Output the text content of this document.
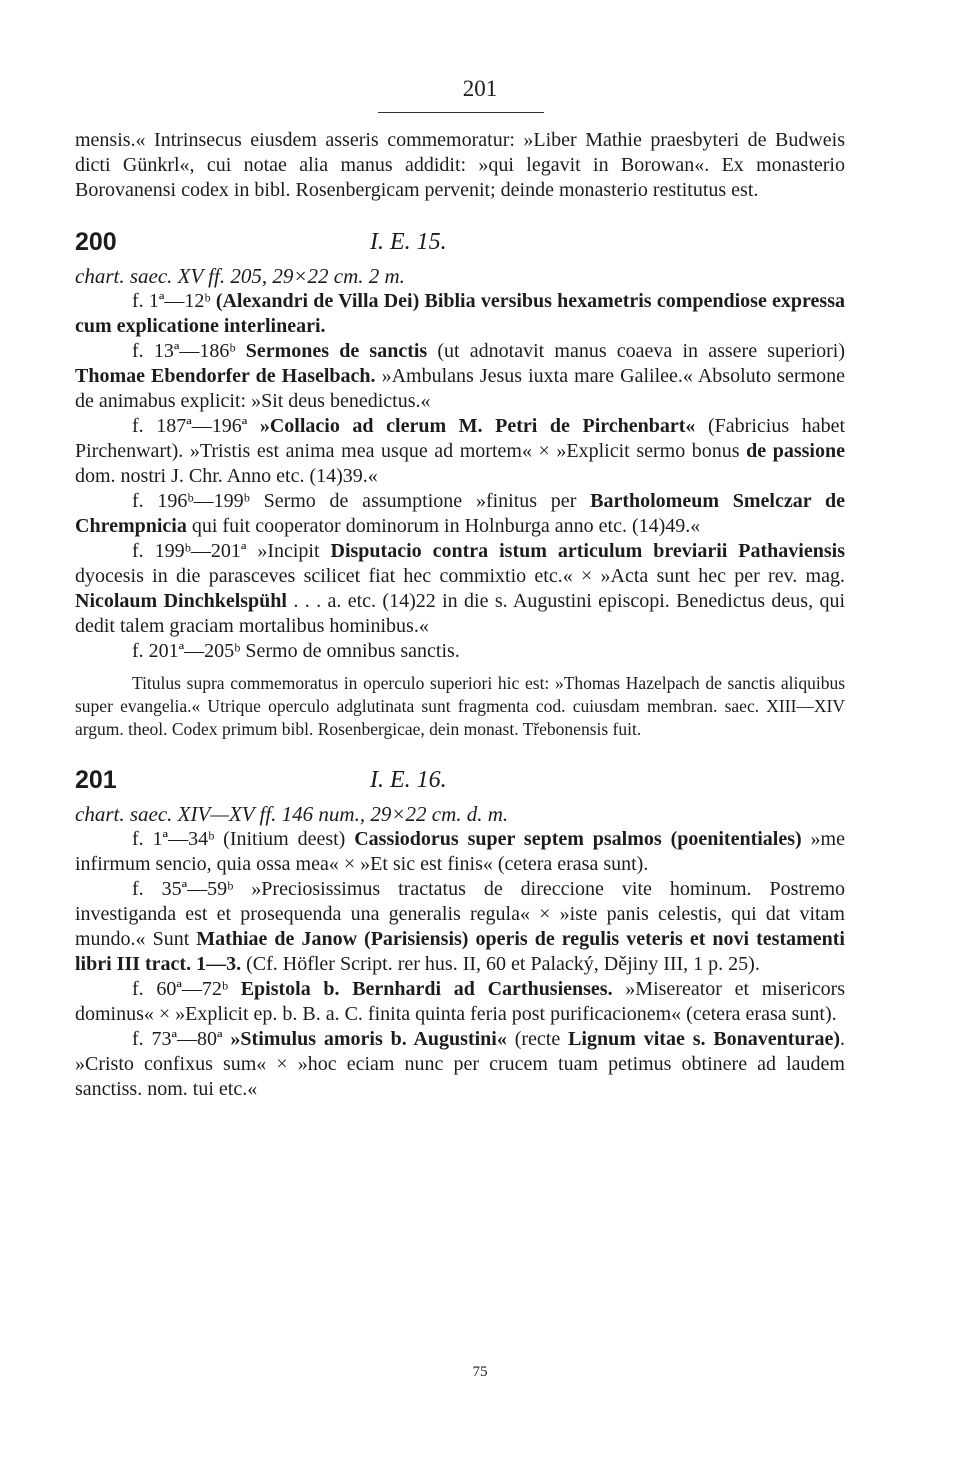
201

mensis.« Intrinsecus eiusdem asseris commemoratur: »Liber Mathie praesbyteri de Budweis dicti Günkrl«, cui notae alia manus addidit: »qui legavit in Borowan«. Ex monasterio Borovanensi codex in bibl. Rosenbergicam pervenit; deinde monasterio restitutus est.

200	I. E. 15.

chart. saec. XV ff. 205, 29×22 cm. 2 m.

f. 1ª—12ᵇ (Alexandri de Villa Dei) Biblia versibus hexametris compendiose expressa cum explicatione interlineari.

f. 13ª—186ᵇ Sermones de sanctis (ut adnotavit manus coaeva in assere superiori) Thomae Ebendorfer de Haselbach. »Ambulans Jesus iuxta mare Galilee.« Absoluto sermone de animabus explicit: »Sit deus benedictus.«

f. 187ª—196ª »Collacio ad clerum M. Petri de Pirchenbart« (Fabricius habet Pirchenwart). »Tristis est anima mea usque ad mortem« × »Explicit sermo bonus de passione dom. nostri J. Chr. Anno etc. (14)39.«

f. 196ᵇ—199ᵇ Sermo de assumptione »finitus per Bartholomeum Smelczar de Chrempnicia qui fuit cooperator dominorum in Holnburga anno etc. (14)49.«

f. 199ᵇ—201ª »Incipit Disputacio contra istum articulum breviarii Pathaviensis dyocesis in die parasceves scilicet fiat hec commixtio etc.« × »Acta sunt hec per rev. mag. Nicolaum Dinchkelspühl . . . a. etc. (14)22 in die s. Augustini episcopi. Benedictus deus, qui dedit talem graciam mortalibus hominibus.«

f. 201ª—205ᵇ Sermo de omnibus sanctis.

Titulus supra commemoratus in operculo superiori hic est: »Thomas Hazelpach de sanctis aliquibus super evangelia.« Utrique operculo adglutinata sunt fragmenta cod. cuiusdam membran. saec. XIII—XIV argum. theol. Codex primum bibl. Rosenbergicae, dein monast. Třebonensis fuit.

201	I. E. 16.

chart. saec. XIV—XV ff. 146 num., 29×22 cm. d. m.

f. 1ª—34ᵇ (Initium deest) Cassiodorus super septem psalmos (poenitentiales) »me infirmum sencio, quia ossa mea« × »Et sic est finis« (cetera erasa sunt).

f. 35ª—59ᵇ »Preciosissimus tractatus de direccione vite hominum. Postremo investiganda est et prosequenda una generalis regula« × »iste panis celestis, qui dat vitam mundo.« Sunt Mathiae de Janow (Parisiensis) operis de regulis veteris et novi testamenti libri III tract. 1—3. (Cf. Höfler Script. rer hus. II, 60 et Palacký, Dějiny III, 1 p. 25).

f. 60ª—72ᵇ Epistola b. Bernhardi ad Carthusienses. »Misereator et misericors dominus« × »Explicit ep. b. B. a. C. finita quinta feria post purificacionem« (cetera erasa sunt).

f. 73ª—80ª »Stimulus amoris b. Augustini« (recte Lignum vitae s. Bonaventurae). »Cristo confixus sum« × »hoc eciam nunc per crucem tuam petimus obtinere ad laudem sanctiss. nom. tui etc.«

75
